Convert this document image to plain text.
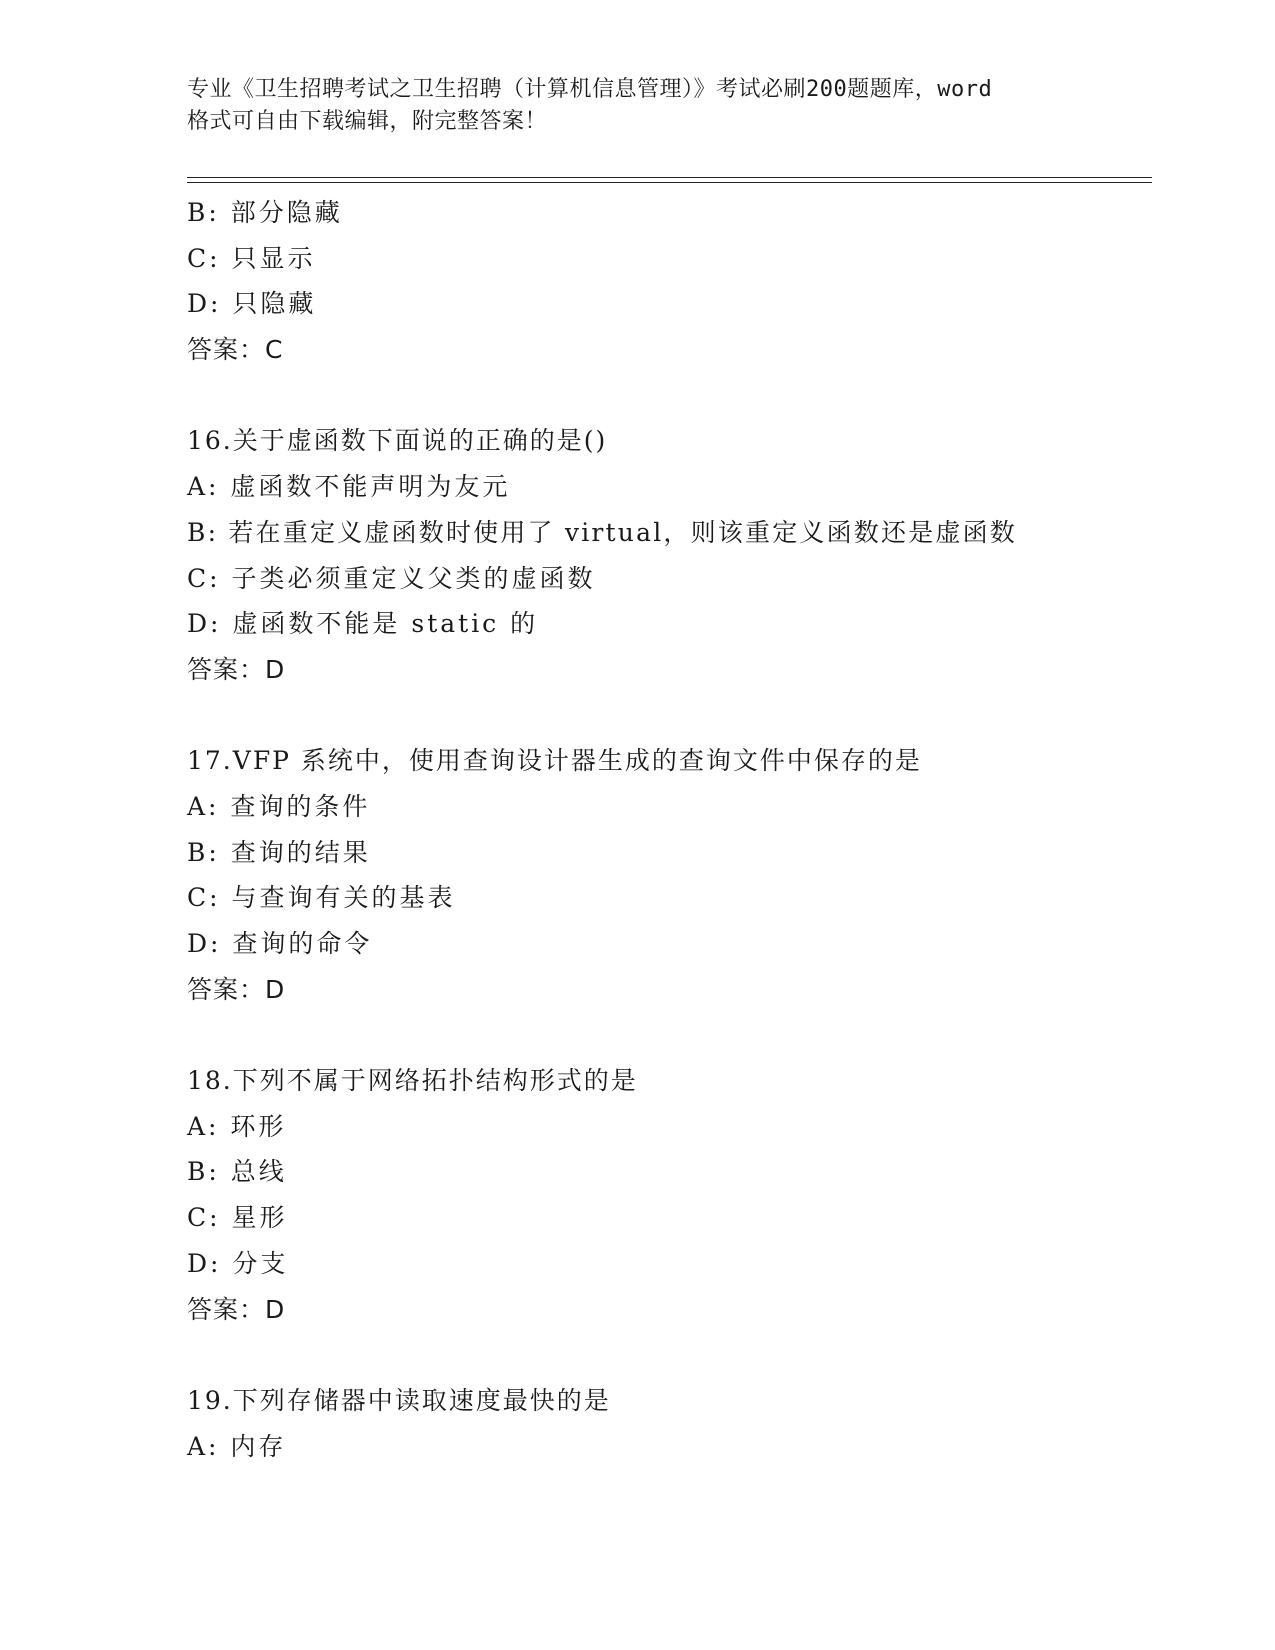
专业《卫生招聘考试之卫生招聘（计算机信息管理）》考试必刷200题题库，word
格式可自由下载编辑，附完整答案！
B: 部分隐藏
C: 只显示
D: 只隐藏
答案：C
16.关于虚函数下面说的正确的是()
A: 虚函数不能声明为友元
B: 若在重定义虚函数时使用了 virtual，则该重定义函数还是虚函数
C: 子类必须重定义父类的虚函数
D: 虚函数不能是 static 的
答案：D
17.VFP 系统中，使用查询设计器生成的查询文件中保存的是
A: 查询的条件
B: 查询的结果
C: 与查询有关的基表
D: 查询的命令
答案：D
18.下列不属于网络拓扑结构形式的是
A: 环形
B: 总线
C: 星形
D: 分支
答案：D
19.下列存储器中读取速度最快的是
A: 内存
